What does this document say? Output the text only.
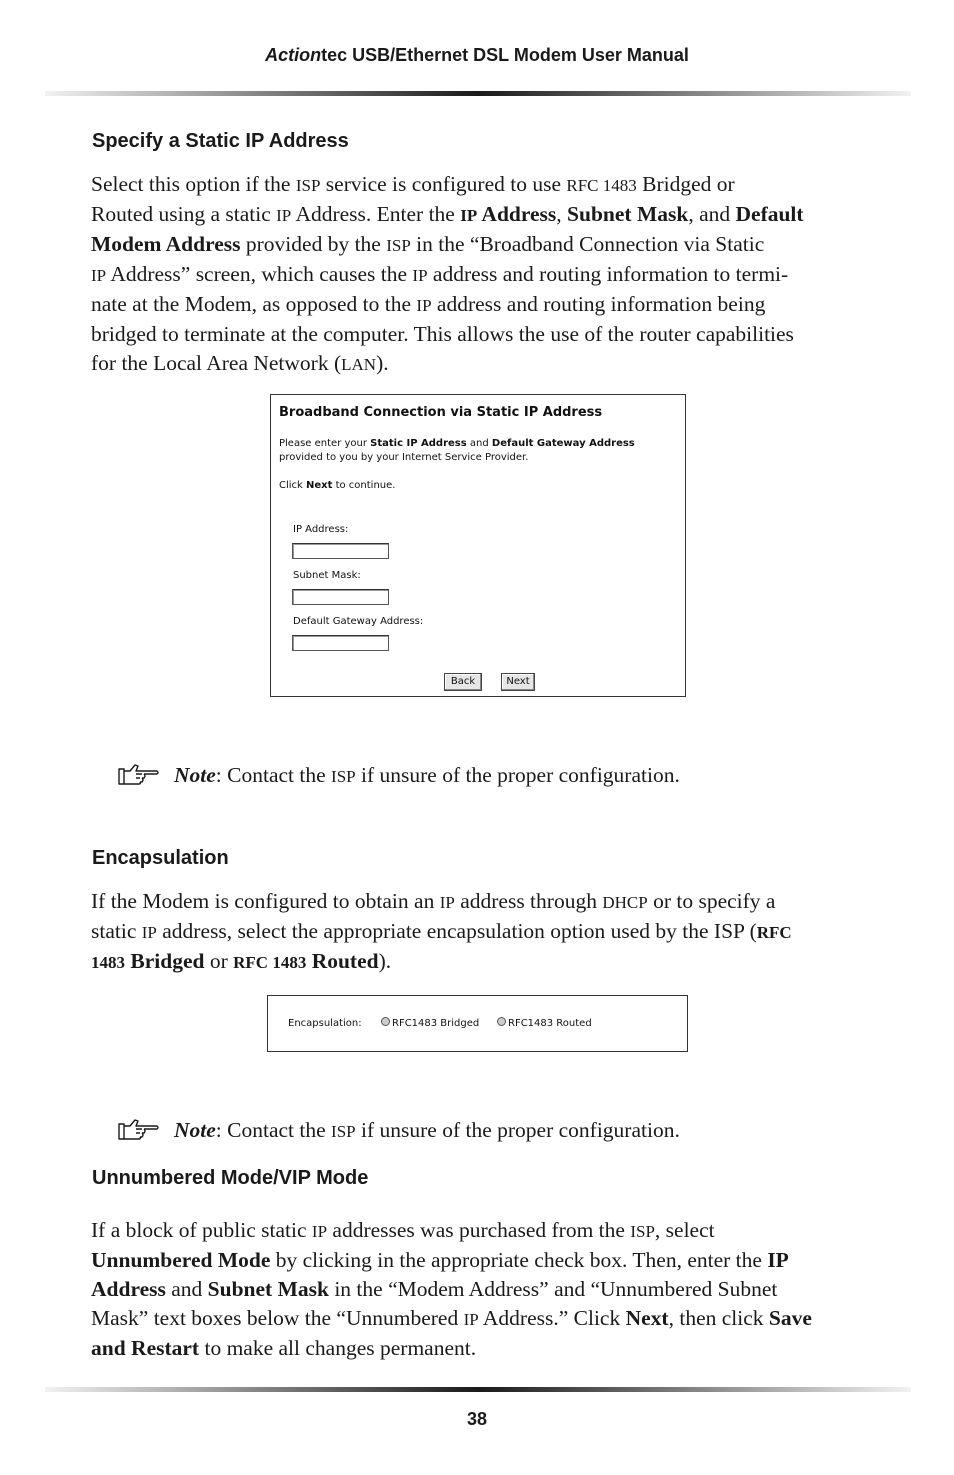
Actiontec USB/Ethernet DSL Modem User Manual
Specify a Static IP Address
Select this option if the ISP service is configured to use RFC 1483 Bridged or
Routed using a static IP Address. Enter the IP Address, Subnet Mask, and Default
Modem Address provided by the ISP in the “Broadband Connection via Static
IP Address” screen, which causes the IP address and routing information to termi-
nate at the Modem, as opposed to the IP address and routing information being
bridged to terminate at the computer. This allows the use of the router capabilities
for the Local Area Network (LAN).
Broadband Connection via Static IP Address
Please enter your Static IP Address and Default Gateway Address
provided to you by your Internet Service Provider.
Click Next to continue.
IP Address:
Subnet Mask:
Default Gateway Address:
Back	Next
Note: Contact the ISP if unsure of the proper configuration.
Encapsulation
If the Modem is configured to obtain an IP address through DHCP or to specify a
static IP address, select the appropriate encapsulation option used by the ISP (RFC
1483 Bridged or RFC 1483 Routed).
Encapsulation:	RFC1483 Bridged	RFC1483 Routed
Note: Contact the ISP if unsure of the proper configuration.
Unnumbered Mode/VIP Mode
If a block of public static IP addresses was purchased from the ISP, select
Unnumbered Mode by clicking in the appropriate check box. Then, enter the IP
Address and Subnet Mask in the “Modem Address” and “Unnumbered Subnet
Mask” text boxes below the “Unnumbered IP Address.” Click Next, then click Save
and Restart to make all changes permanent.
38
